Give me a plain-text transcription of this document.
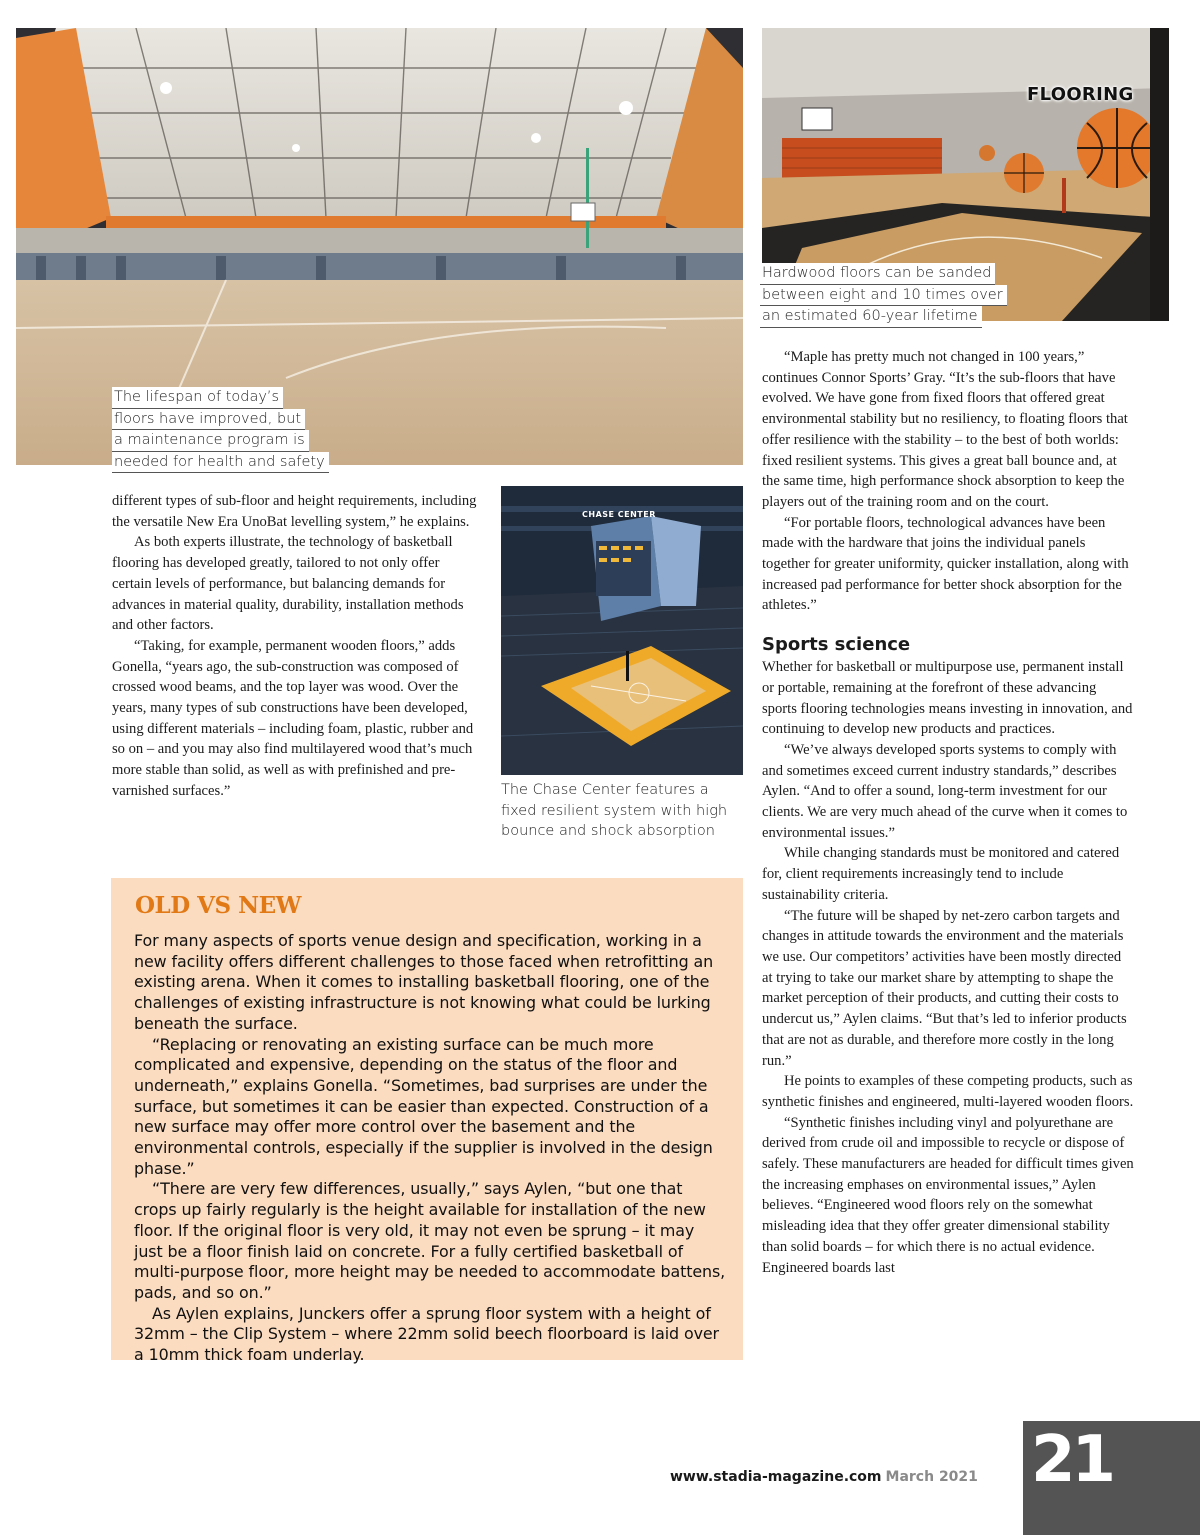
The lifespan of today’s
floors have improved, but
a maintenance program is
needed for health and safety
FLOORING
Hardwood floors can be sanded
between eight and 10 times over
an estimated 60-year lifetime

different types of sub-floor and height requirements, including the versatile New Era UnoBat levelling system,” he explains.

As both experts illustrate, the technology of basketball flooring has developed greatly, tailored to not only offer certain levels of performance, but balancing demands for advances in material quality, durability, installation methods and other factors.

“Taking, for example, permanent wooden floors,” adds Gonella, “years ago, the sub-construction was composed of crossed wood beams, and the top layer was wood. Over the years, many types of sub constructions have been developed, using different materials – including foam, plastic, rubber and so on – and you may also find multilayered wood that’s much more stable than solid, as well as with prefinished and pre-varnished surfaces.”

CHASE CENTER
The Chase Center features a
fixed resilient system with high
bounce and shock absorption

“Maple has pretty much not changed in 100 years,” continues Connor Sports’ Gray. “It’s the sub-floors that have evolved. We have gone from fixed floors that offered great environmental stability but no resiliency, to floating floors that offer resilience with the stability – to the best of both worlds: fixed resilient systems. This gives a great ball bounce and, at the same time, high performance shock absorption to keep the players out of the training room and on the court.

“For portable floors, technological advances have been made with the hardware that joins the individual panels together for greater uniformity, quicker installation, along with increased pad performance for better shock absorption for the athletes.”

Sports science

Whether for basketball or multipurpose use, permanent install or portable, remaining at the forefront of these advancing sports flooring technologies means investing in innovation, and continuing to develop new products and practices.

“We’ve always developed sports systems to comply with and sometimes exceed current industry standards,” describes Aylen. “And to offer a sound, long-term investment for our clients. We are very much ahead of the curve when it comes to environmental issues.”

While changing standards must be monitored and catered for, client requirements increasingly tend to include sustainability criteria.

“The future will be shaped by net-zero carbon targets and changes in attitude towards the environment and the materials we use. Our competitors’ activities have been mostly directed at trying to take our market share by attempting to shape the market perception of their products, and cutting their costs to undercut us,” Aylen claims. “But that’s led to inferior products that are not as durable, and therefore more costly in the long run.”

He points to examples of these competing products, such as synthetic finishes and engineered, multi-layered wooden floors.

“Synthetic finishes including vinyl and polyurethane are derived from crude oil and impossible to recycle or dispose of safely. These manufacturers are headed for difficult times given the increasing emphases on environmental issues,” Aylen believes. “Engineered wood floors rely on the somewhat misleading idea that they offer greater dimensional stability than solid boards – for which there is no actual evidence. Engineered boards last

OLD VS NEW

For many aspects of sports venue design and specification, working in a new facility offers different challenges to those faced when retrofitting an existing arena. When it comes to installing basketball flooring, one of the challenges of existing infrastructure is not knowing what could be lurking beneath the surface.

“Replacing or renovating an existing surface can be much more complicated and expensive, depending on the status of the floor and underneath,” explains Gonella. “Sometimes, bad surprises are under the surface, but sometimes it can be easier than expected. Construction of a new surface may offer more control over the basement and the environmental controls, especially if the supplier is involved in the design phase.”

“There are very few differences, usually,” says Aylen, “but one that crops up fairly regularly is the height available for installation of the new floor. If the original floor is very old, it may not even be sprung – it may just be a floor finish laid on concrete. For a fully certified basketball of multi-purpose floor, more height may be needed to accommodate battens, pads, and so on.”

As Aylen explains, Junckers offer a sprung floor system with a height of 32mm – the Clip System – where 22mm solid beech floorboard is laid over a 10mm thick foam underlay.

www.stadia-magazine.com March 2021 21
